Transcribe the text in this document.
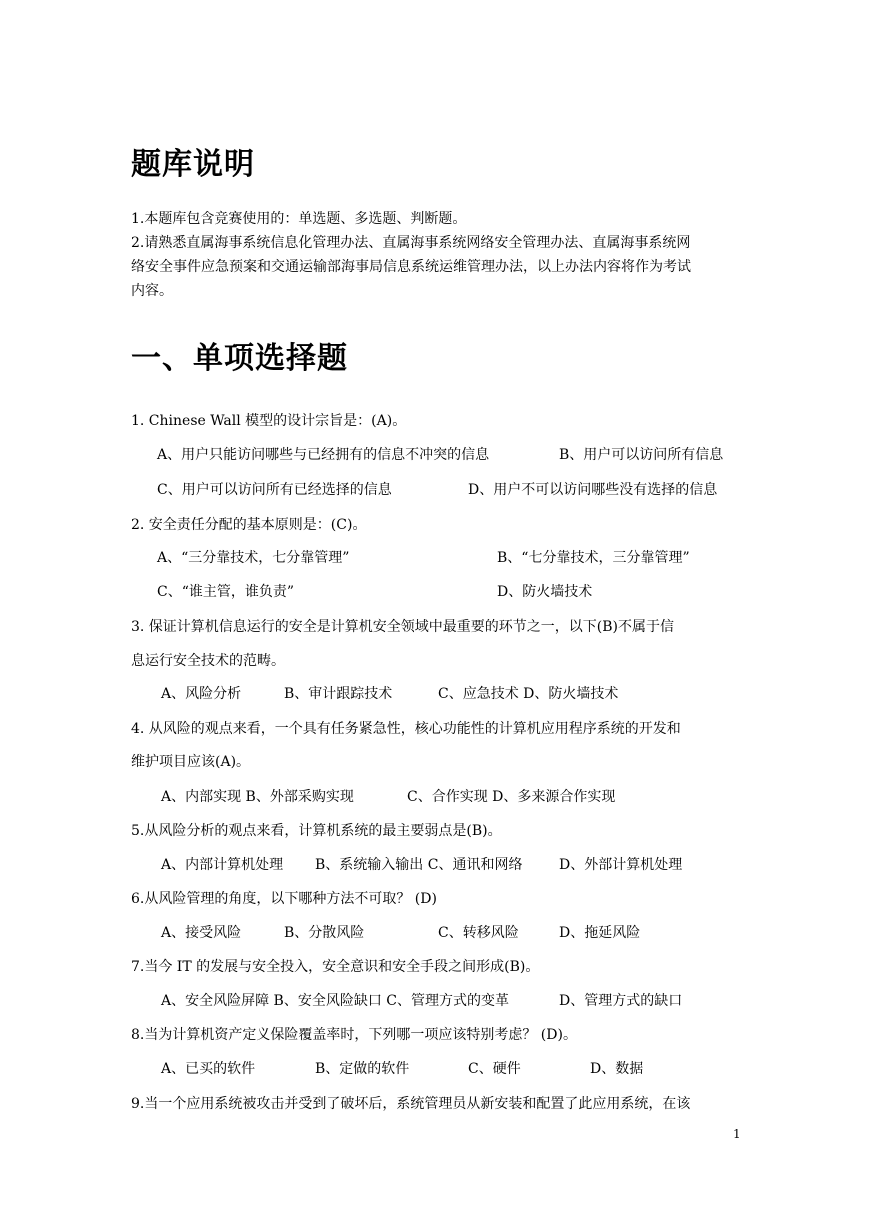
题库说明
1.本题库包含竞赛使用的：单选题、多选题、判断题。
2.请熟悉直属海事系统信息化管理办法、直属海事系统网络安全管理办法、直属海事系统网
络安全事件应急预案和交通运输部海事局信息系统运维管理办法，以上办法内容将作为考试
内容。
一、单项选择题
1. Chinese Wall 模型的设计宗旨是：(A)。
A、用户只能访问哪些与已经拥有的信息不冲突的信息	B、用户可以访问所有信息
C、用户可以访问所有已经选择的信息	D、用户不可以访问哪些没有选择的信息
2. 安全责任分配的基本原则是：(C)。
A、“三分靠技术，七分靠管理”	B、“七分靠技术，三分靠管理”
C、“谁主管，谁负责”	D、防火墙技术
3. 保证计算机信息运行的安全是计算机安全领域中最重要的环节之一，以下(B)不属于信
息运行安全技术的范畴。
A、风险分析	B、审计跟踪技术	C、应急技术 D、防火墙技术
4. 从风险的观点来看，一个具有任务紧急性，核心功能性的计算机应用程序系统的开发和
维护项目应该(A)。
A、内部实现 B、外部采购实现	C、合作实现 D、多来源合作实现
5.从风险分析的观点来看，计算机系统的最主要弱点是(B)。
A、内部计算机处理 B、系统输入输出 C、通讯和网络	D、外部计算机处理
6.从风险管理的角度，以下哪种方法不可取？ (D)
A、接受风险	B、分散风险	C、转移风险	D、拖延风险
7.当今 IT 的发展与安全投入，安全意识和安全手段之间形成(B)。
A、安全风险屏障 B、安全风险缺口 C、管理方式的变革	D、管理方式的缺口
8.当为计算机资产定义保险覆盖率时，下列哪一项应该特别考虑？ (D)。
A、已买的软件	B、定做的软件	C、硬件	D、数据
9.当一个应用系统被攻击并受到了破坏后，系统管理员从新安装和配置了此应用系统，在该
1
